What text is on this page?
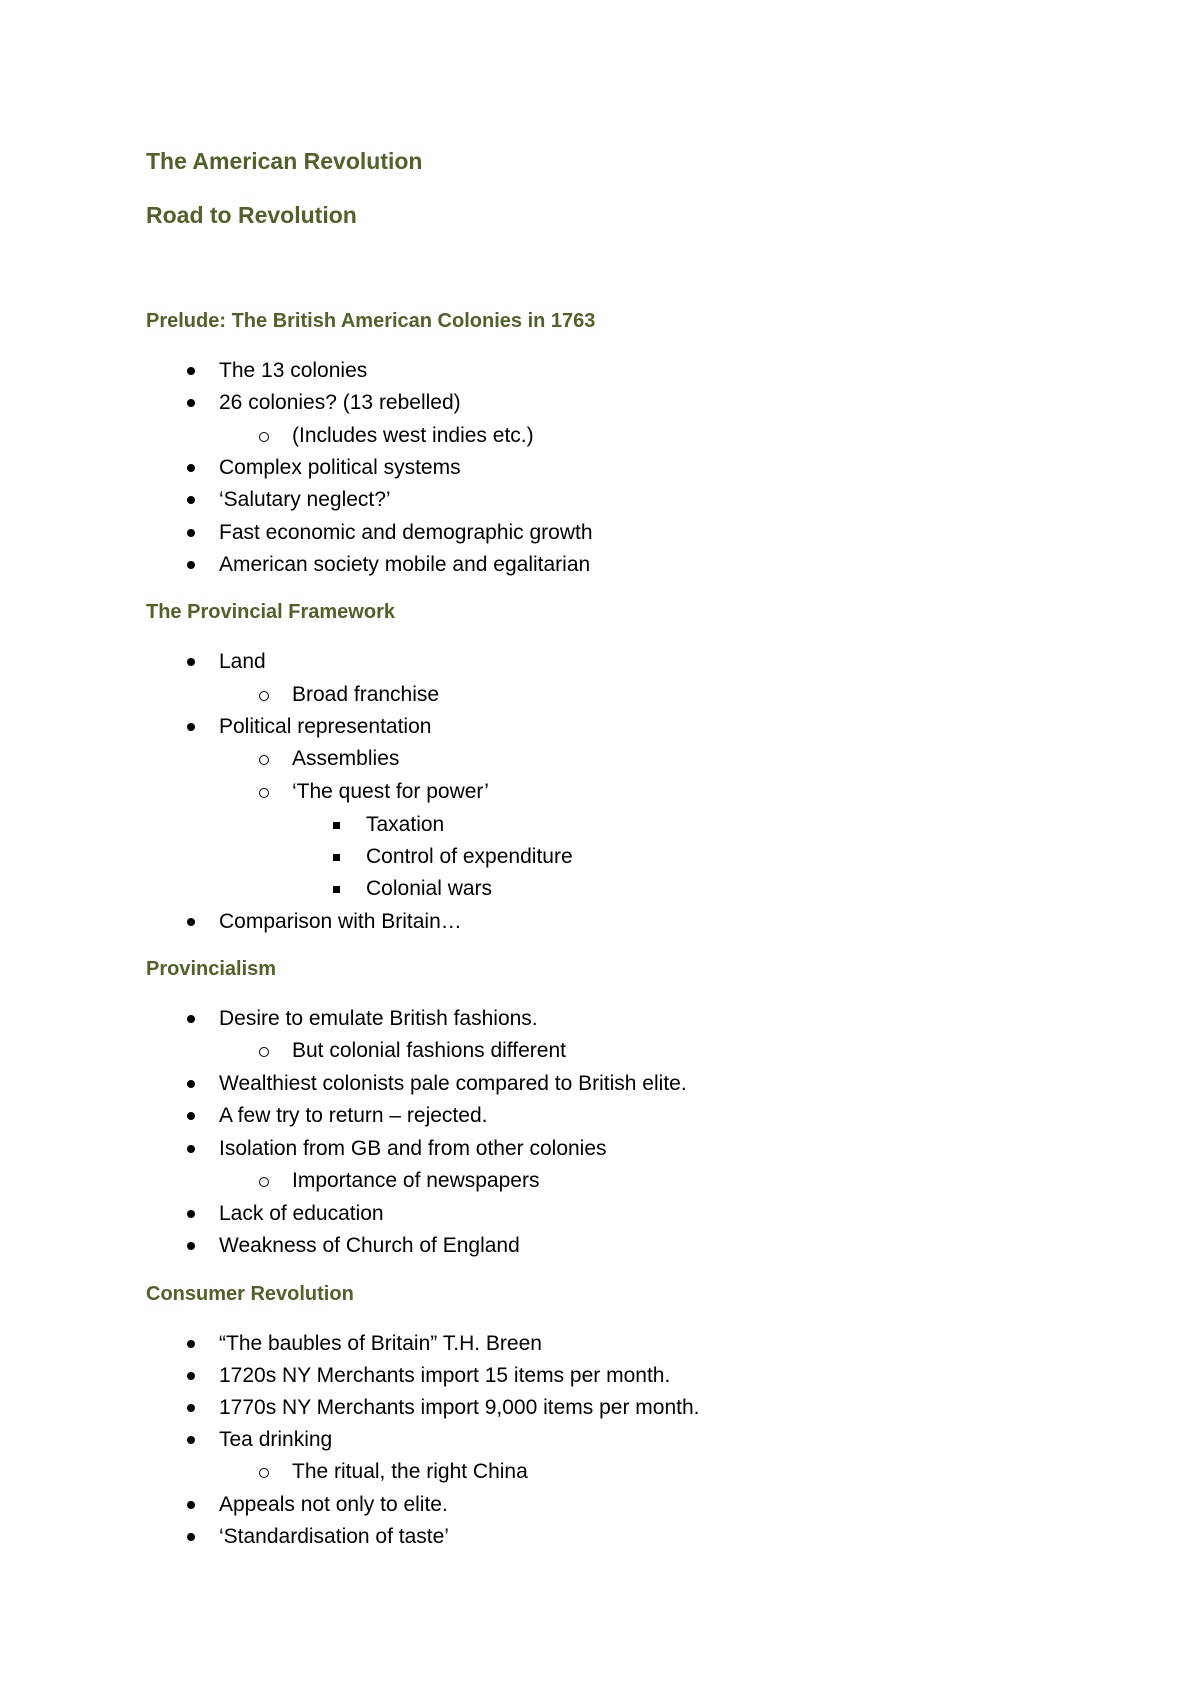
The American Revolution
Road to Revolution
Prelude: The British American Colonies in 1763
The 13 colonies
26 colonies? (13 rebelled)
(Includes west indies etc.)
Complex political systems
‘Salutary neglect?’
Fast economic and demographic growth
American society mobile and egalitarian
The Provincial Framework
Land
Broad franchise
Political representation
Assemblies
‘The quest for power’
Taxation
Control of expenditure
Colonial wars
Comparison with Britain…
Provincialism
Desire to emulate British fashions.
But colonial fashions different
Wealthiest colonists pale compared to British elite.
A few try to return – rejected.
Isolation from GB and from other colonies
Importance of newspapers
Lack of education
Weakness of Church of England
Consumer Revolution
“The baubles of Britain” T.H. Breen
1720s NY Merchants import 15 items per month.
1770s NY Merchants import 9,000 items per month.
Tea drinking
The ritual, the right China
Appeals not only to elite.
‘Standardisation of taste’
